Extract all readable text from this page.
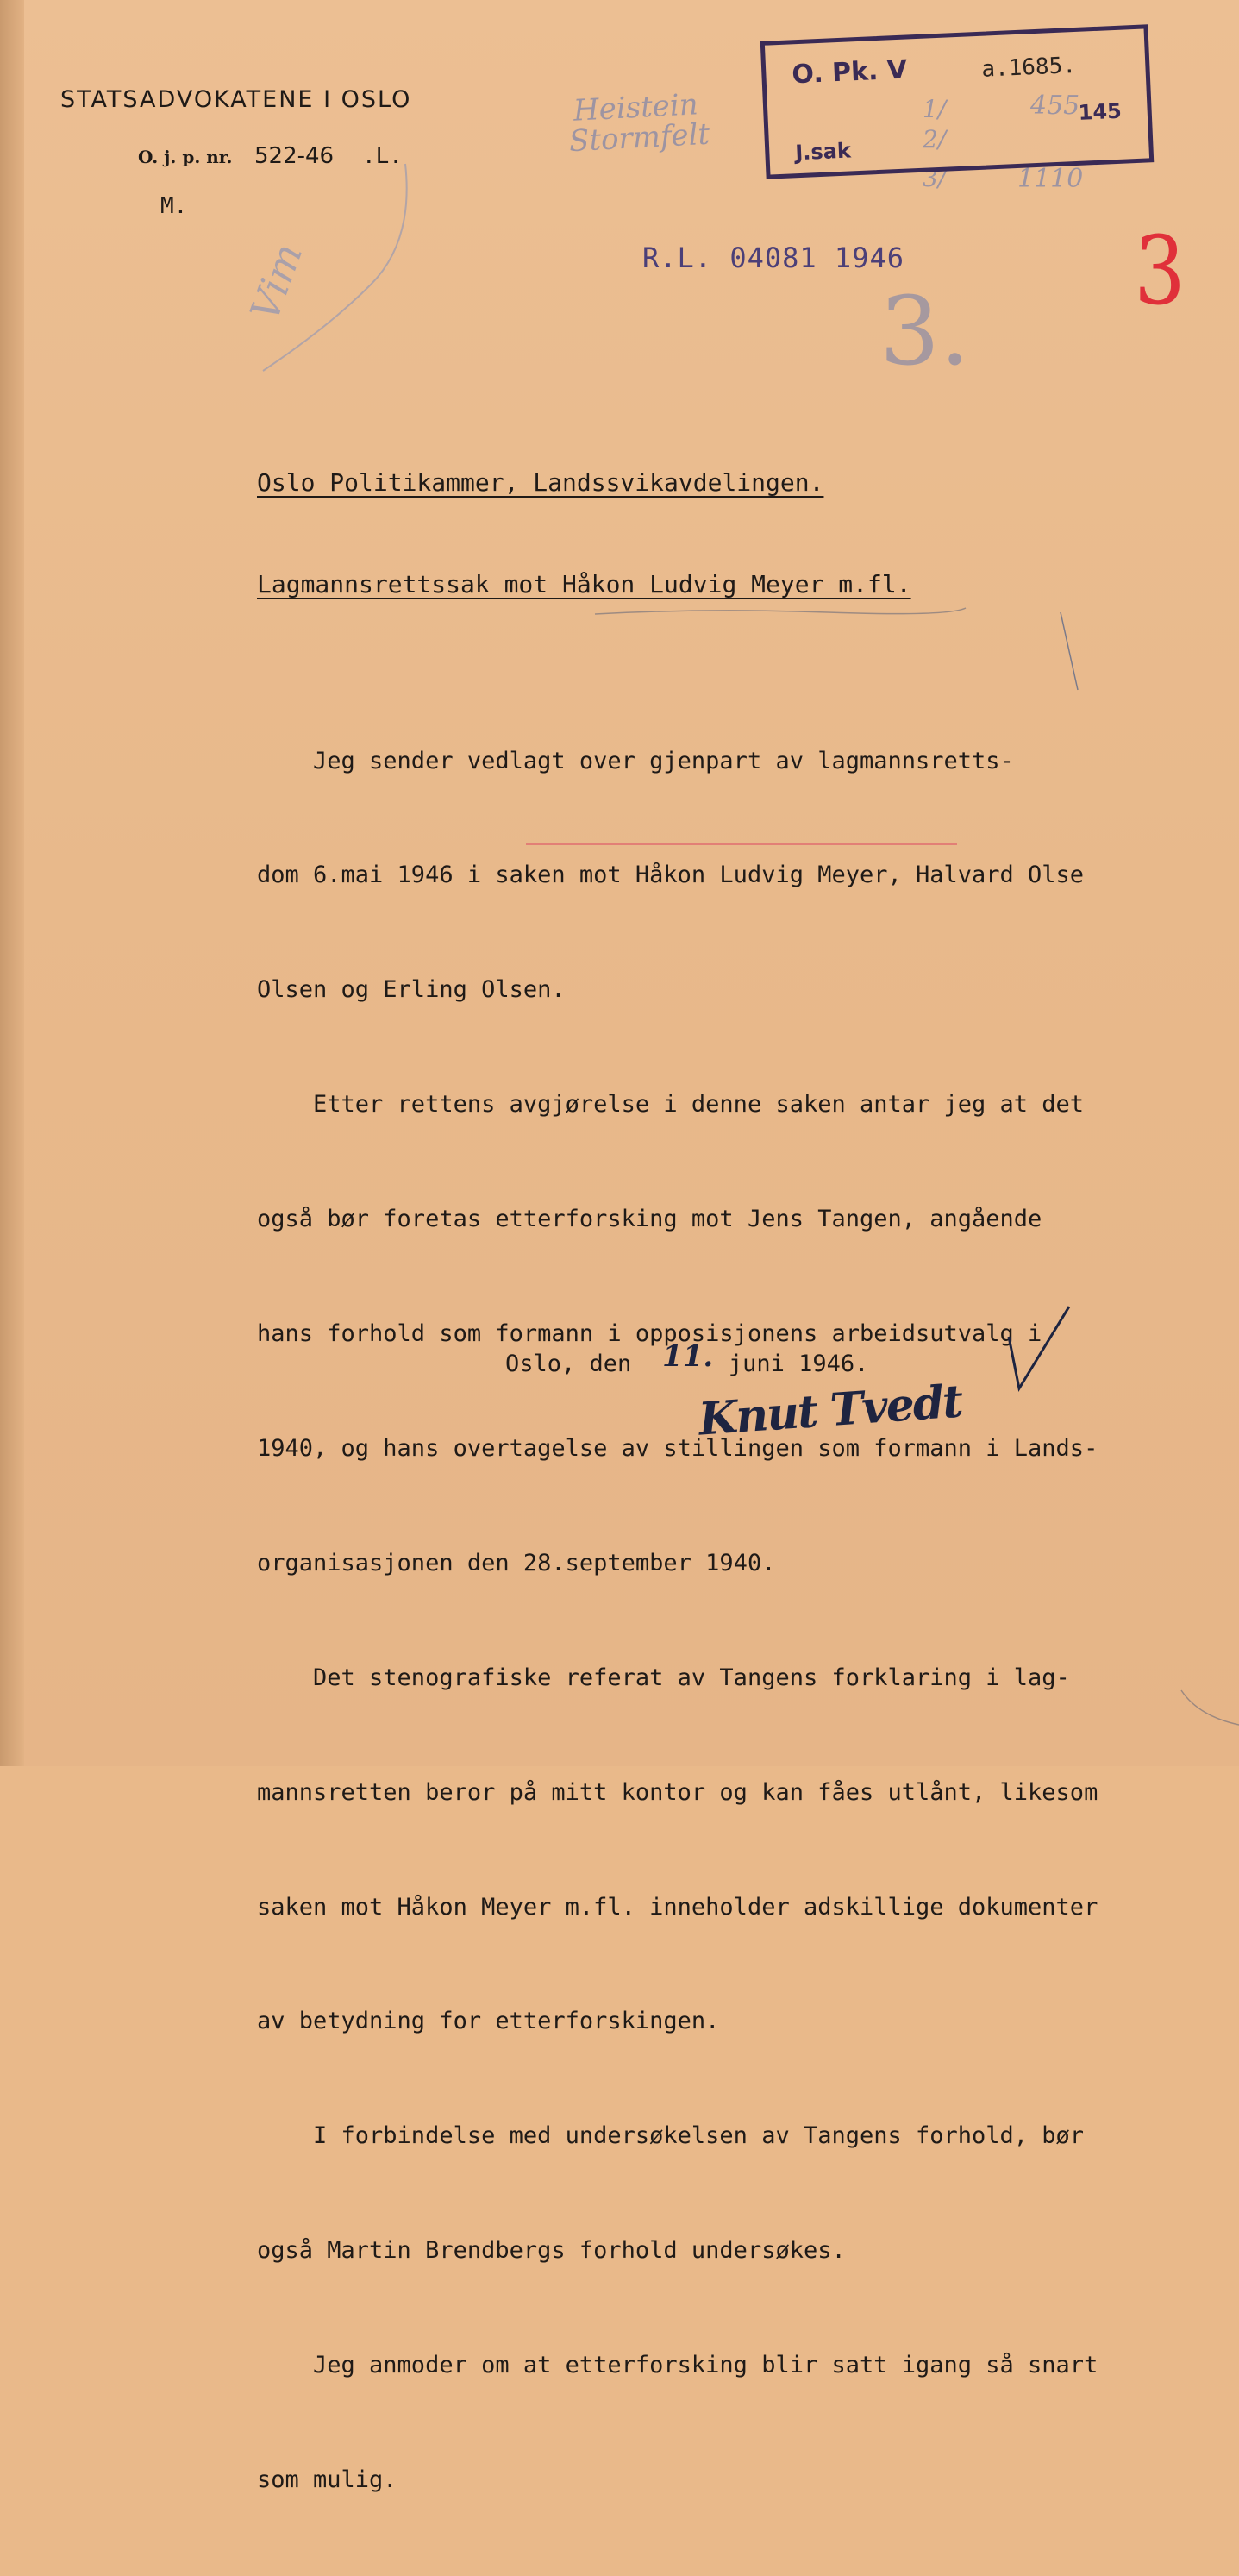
STATSADVOKATENE I OSLO
O. j. p. nr. 522-46 .L.
M.
Heistein
Stormfelt
Vim
1/
2/
3/
455
1110
O. Pk. V	a.1685.
145
J.sak
R.L. 04081 1946 3
3.
Oslo Politikammer, Landssvikavdelingen.
Lagmannsrettssak mot Håkon Ludvig Meyer m.fl.

Jeg sender vedlagt over gjenpart av lagmannsretts-

dom 6.mai 1946 i saken mot Håkon Ludvig Meyer, Halvard Olse

Olsen og Erling Olsen.

Etter rettens avgjørelse i denne saken antar jeg at det

også bør foretas etterforsking mot Jens Tangen, angående

hans forhold som formann i opposisjonens arbeidsutvalg i

1940, og hans overtagelse av stillingen som formann i Lands-

organisasjonen den 28.september 1940.

Det stenografiske referat av Tangens forklaring i lag-

mannsretten beror på mitt kontor og kan fåes utlånt, likesom

saken mot Håkon Meyer m.fl. inneholder adskillige dokumenter

av betydning for etterforskingen.

I forbindelse med undersøkelsen av Tangens forhold, bør

også Martin Brendbergs forhold undersøkes.

Jeg anmoder om at etterforsking blir satt igang så snart

som mulig.

Oslo, den	juni 1946.
11.
Knut Tvedt
